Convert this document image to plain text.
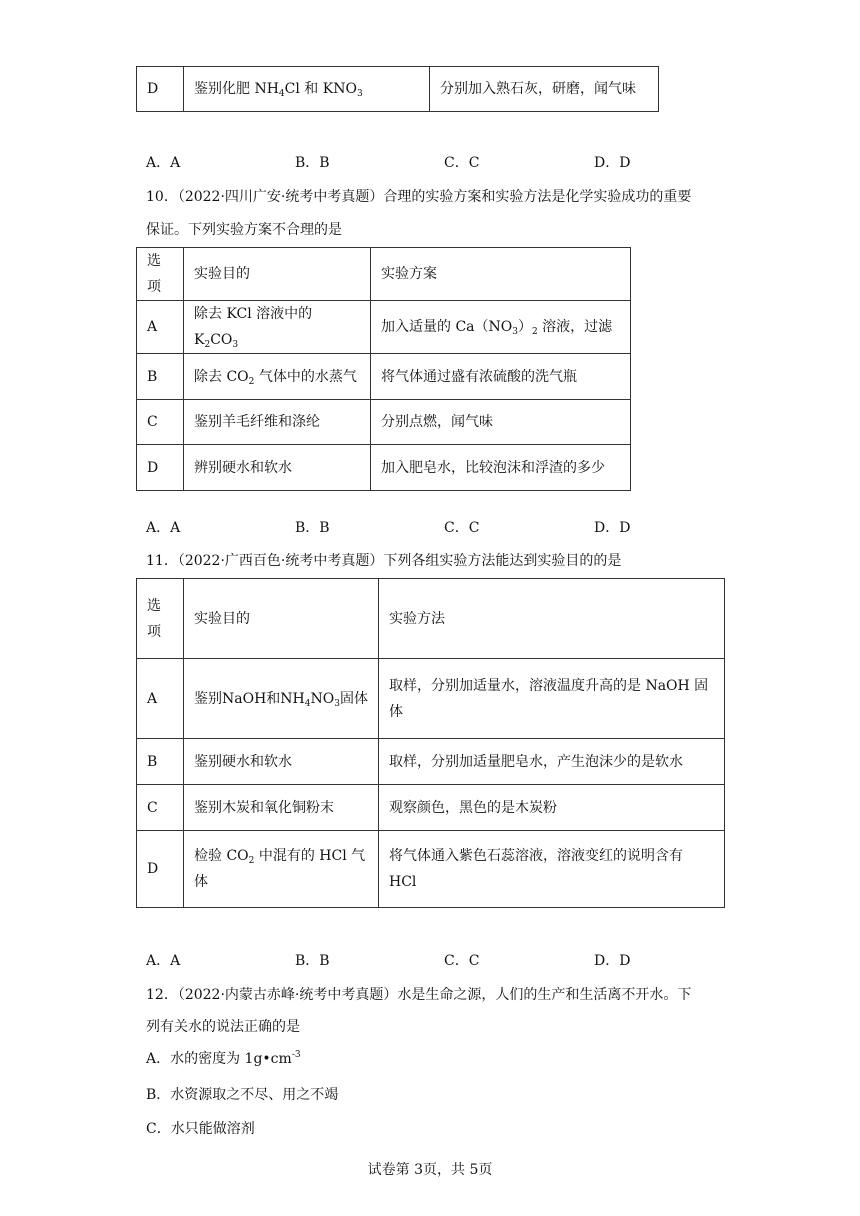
D	鉴别化肥 $NH_4Cl$ 和 $KNO_3$	分别加入熟石灰，研磨，闻气味
A．A	B．B	C．C	D．D
10．（2022·四川广安·统考中考真题）合理的实验方案和实验方法是化学实验成功的重要
保证。下列实验方案不合理的是
选项	实验目的	实验方案
A	除去 KCl 溶液中的 $K_2CO_3$	加入适量的 $Ca(NO_3)_2$ 溶液，过滤
B	除去 $CO_2$ 气体中的水蒸气	将气体通过盛有浓硫酸的洗气瓶
C	鉴别羊毛纤维和涤纶	分别点燃，闻气味
D	辨别硬水和软水	加入肥皂水，比较泡沫和浮渣的多少
A．A	B．B	C．C	D．D
11．（2022·广西百色·统考中考真题）下列各组实验方法能达到实验目的的是
选
项	实验目的	实验方法
A	鉴别NaOH和$NH_4NO_3$固体	取样，分别加适量水，溶液温度升高的是 NaOH 固体
B	鉴别硬水和软水	取样，分别加适量肥皂水，产生泡沫少的是软水
C	鉴别木炭和氧化铜粉末	观察颜色，黑色的是木炭粉
D	检验 $CO_2$ 中混有的 HCl 气体	将气体通入紫色石蕊溶液，溶液变红的说明含有 HCl
A．A	B．B	C．C	D．D
12．（2022·内蒙古赤峰·统考中考真题）水是生命之源，人们的生产和生活离不开水。下
列有关水的说法正确的是
A．水的密度为 $1g•cm^{-3}$
B．水资源取之不尽、用之不竭
C．水只能做溶剂
试卷第 3页，共 5页
